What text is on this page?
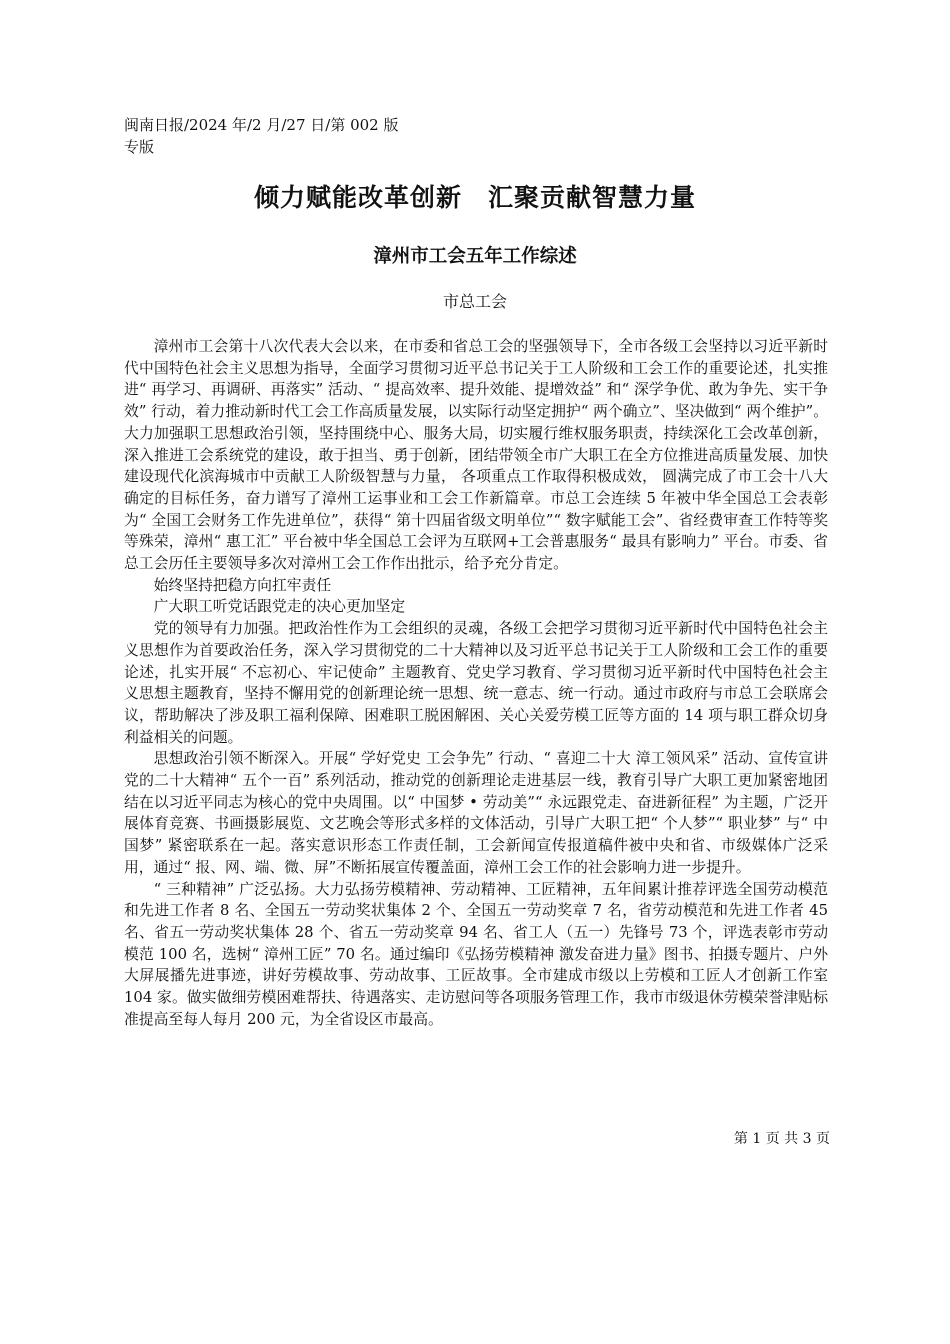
闽南日报/2024 年/2 月/27 日/第 002 版专版
倾力赋能改革创新　汇聚贡献智慧力量
漳州市工会五年工作综述
市总工会

漳州市工会第十八次代表大会以来，在市委和省总工会的坚强领导下，全市各级工会坚持以习近平新时代中国特色社会主义思想为指导，全面学习贯彻习近平总书记关于工人阶级和工会工作的重要论述，扎实推进“ 再学习、再调研、再落实” 活动、“ 提高效率、提升效能、提增效益” 和“ 深学争优、敢为争先、实干争效” 行动，着力推动新时代工会工作高质量发展，以实际行动坚定拥护“ 两个确立”、坚决做到“ 两个维护”。大力加强职工思想政治引领，坚持围绕中心、服务大局，切实履行维权服务职责，持续深化工会改革创新，深入推进工会系统党的建设，敢于担当、勇于创新，团结带领全市广大职工在全方位推进高质量发展、加快建设现代化滨海城市中贡献工人阶级智慧与力量， 各项重点工作取得积极成效， 圆满完成了市工会十八大确定的目标任务，奋力谱写了漳州工运事业和工会工作新篇章。市总工会连续 5 年被中华全国总工会表彰为“ 全国工会财务工作先进单位”，获得“ 第十四届省级文明单位”“ 数字赋能工会”、省经费审查工作特等奖等殊荣，漳州“ 惠工汇” 平台被中华全国总工会评为互联网+工会普惠服务“ 最具有影响力” 平台。市委、省总工会历任主要领导多次对漳州工会工作作出批示，给予充分肯定。

始终坚持把稳方向扛牢责任

广大职工听党话跟党走的决心更加坚定

党的领导有力加强。把政治性作为工会组织的灵魂，各级工会把学习贯彻习近平新时代中国特色社会主义思想作为首要政治任务，深入学习贯彻党的二十大精神以及习近平总书记关于工人阶级和工会工作的重要论述，扎实开展“ 不忘初心、牢记使命” 主题教育、党史学习教育、学习贯彻习近平新时代中国特色社会主义思想主题教育，坚持不懈用党的创新理论统一思想、统一意志、统一行动。通过市政府与市总工会联席会议，帮助解决了涉及职工福利保障、困难职工脱困解困、关心关爱劳模工匠等方面的 14 项与职工群众切身利益相关的问题。

思想政治引领不断深入。开展“ 学好党史 工会争先” 行动、“ 喜迎二十大 漳工领风采” 活动、宣传宣讲党的二十大精神“ 五个一百” 系列活动，推动党的创新理论走进基层一线，教育引导广大职工更加紧密地团结在以习近平同志为核心的党中央周围。以“ 中国梦 • 劳动美”“ 永远跟党走、奋进新征程” 为主题，广泛开展体育竞赛、书画摄影展览、文艺晚会等形式多样的文体活动，引导广大职工把“ 个人梦”“ 职业梦” 与“ 中国梦” 紧密联系在一起。落实意识形态工作责任制，工会新闻宣传报道稿件被中央和省、市级媒体广泛采用，通过“ 报、网、端、微、屏”不断拓展宣传覆盖面，漳州工会工作的社会影响力进一步提升。

“ 三种精神” 广泛弘扬。大力弘扬劳模精神、劳动精神、工匠精神，五年间累计推荐评选全国劳动模范和先进工作者 8 名、全国五一劳动奖状集体 2 个、全国五一劳动奖章 7 名，省劳动模范和先进工作者 45 名、省五一劳动奖状集体 28 个、省五一劳动奖章 94 名、省工人（五一）先锋号 73 个，评选表彰市劳动模范 100 名，选树“ 漳州工匠” 70 名。通过编印《弘扬劳模精神 激发奋进力量》图书、拍摄专题片、户外大屏展播先进事迹，讲好劳模故事、劳动故事、工匠故事。全市建成市级以上劳模和工匠人才创新工作室 104 家。做实做细劳模困难帮扶、待遇落实、走访慰问等各项服务管理工作，我市市级退休劳模荣誉津贴标准提高至每人每月 200 元，为全省设区市最高。

第 1 页 共 3 页
